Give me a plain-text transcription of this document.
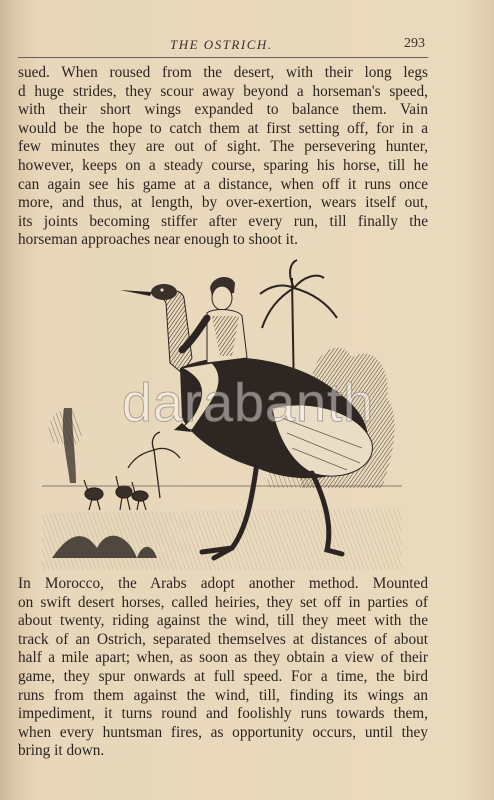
THE OSTRICH.	293
sued. When roused from the desert, with their long legs
d huge strides, they scour away beyond a horseman's speed,
with their short wings expanded to balance them. Vain
would be the hope to catch them at first setting off, for in a
few minutes they are out of sight. The persevering hunter,
however, keeps on a steady course, sparing his horse, till he
can again see his game at a distance, when off it runs once
more, and thus, at length, by over-exertion, wears itself out,
its joints becoming stiffer after every run, till finally the
horseman approaches near enough to shoot it.
darabanth
In Morocco, the Arabs adopt another method. Mounted
on swift desert horses, called heiries, they set off in parties of
about twenty, riding against the wind, till they meet with the
track of an Ostrich, separated themselves at distances of about
half a mile apart; when, as soon as they obtain a view of their
game, they spur onwards at full speed. For a time, the bird
runs from them against the wind, till, finding its wings an
impediment, it turns round and foolishly runs towards them,
when every huntsman fires, as opportunity occurs, until they
bring it down.
